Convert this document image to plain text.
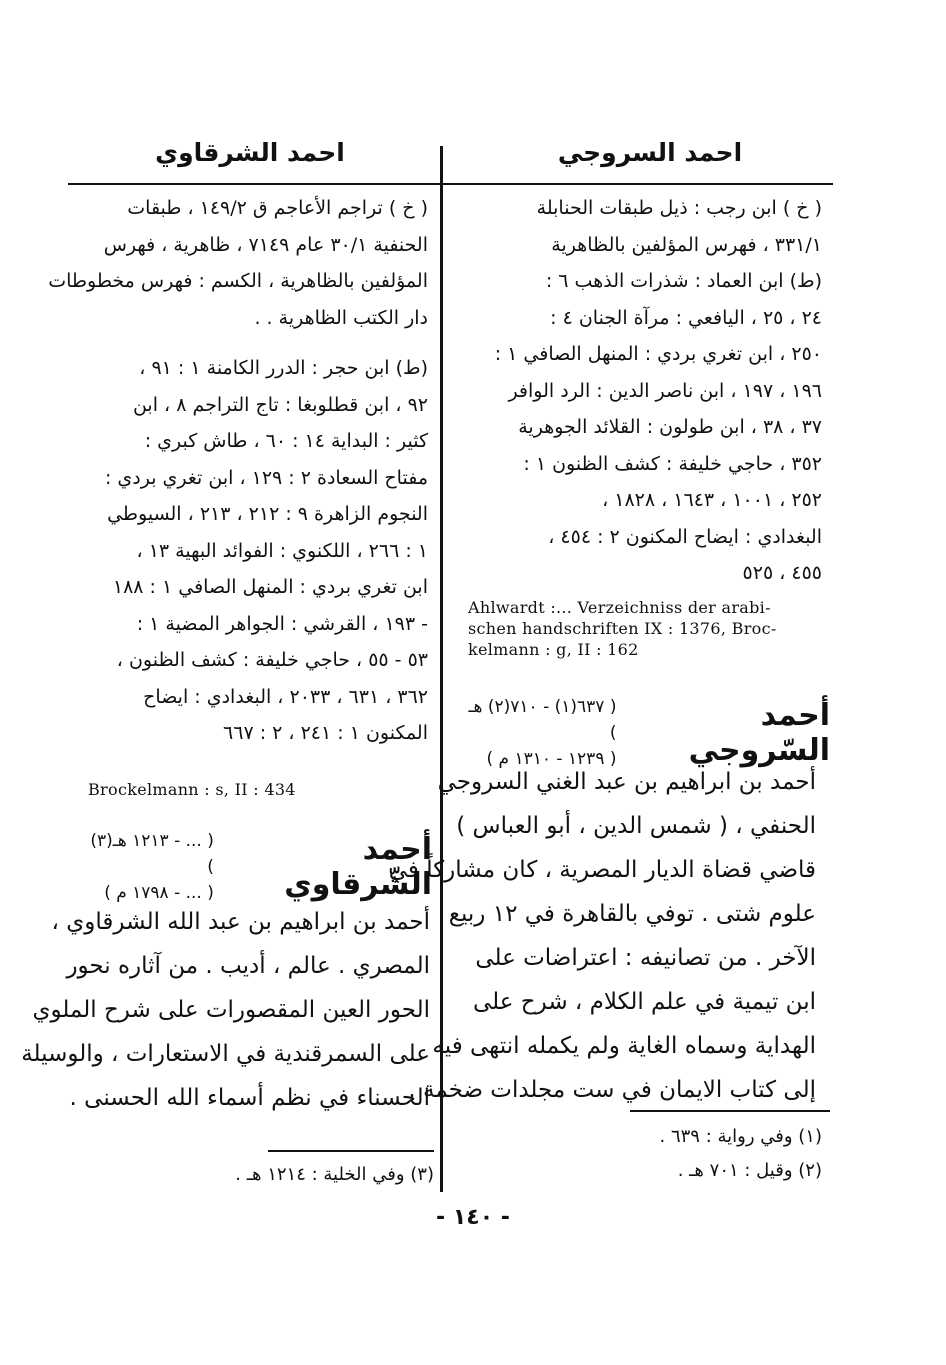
احمد السروجي
( خ ) ابن رجب : ذيل طبقات الحنابلة
٣٣١/١ ، فهرس المؤلفين بالظاهرية
(ط) ابن العماد : شذرات الذهب ٦ :
٢٤ ، ٢٥ ، اليافعي : مرآة الجنان ٤ :
٢٥٠ ، ابن تغري بردي : المنهل الصافي ١ :
١٩٦ ، ١٩٧ ، ابن ناصر الدين : الرد الوافر
٣٧ ، ٣٨ ، ابن طولون : القلائد الجوهرية
٣٥٢ ، حاجي خليفة : كشف الظنون ١ :
٢٥٢ ، ١٠٠١ ، ١٦٤٣ ، ١٨٢٨ ،
البغدادي : ايضاح المكنون ٢ : ٤٥٤ ،
٤٥٥ ، ٥٢٥
Ahlwardt :... Verzeichniss der arabi-
schen handschriften IX : 1376, Broc-
kelmann : g, II : 162
أحمد السّروجي
( ٦٣٧(١) - ٧١٠(٢) هـ )
( ١٢٣٩ - ١٣١٠ م )
أحمد بن ابراهيم بن عبد الغني السروجي
الحنفي ، ( شمس الدين ، أبو العباس )
قاضي قضاة الديار المصرية ، كان مشاركاً في
علوم شتى . توفي بالقاهرة في ١٢ ربيع
الآخر . من تصانيفه : اعتراضات على
ابن تيمية في علم الكلام ، شرح على
الهداية وسماه الغاية ولم يكمله انتهى فيه
إلى كتاب الايمان في ست مجلدات ضخمة .
(١) وفي رواية : ٦٣٩ .
(٢) وقيل : ٧٠١ هـ .
احمد الشرقاوي
( خ ) تراجم الأعاجم ق ١٤٩/٢ ، طبقات
الحنفية ٣٠/١ عام ٧١٤٩ ، ظاهرية ، فهرس
المؤلفين بالظاهرية ، الكسم : فهرس مخطوطات
دار الكتب الظاهرية . .
(ط) ابن حجر : الدرر الكامنة ١ : ٩١ ،
٩٢ ، ابن قطلوبغا : تاج التراجم ٨ ، ابن
كثير : البداية ١٤ : ٦٠ ، طاش كبري :
مفتاح السعادة ٢ : ١٢٩ ، ابن تغري بردي :
النجوم الزاهرة ٩ : ٢١٢ ، ٢١٣ ، السيوطي
١ : ٢٦٦ ، اللكنوي : الفوائد البهية ١٣ ،
ابن تغري بردي : المنهل الصافي ١ : ١٨٨
- ١٩٣ ، القرشي : الجواهر المضية ١ :
٥٣ - ٥٥ ، حاجي خليفة : كشف الظنون ،
٣٦٢ ، ٦٣١ ، ٢٠٣٣ ، البغدادي : ايضاح
المكنون ١ : ٢٤١ ، ٢ : ٦٦٧
Brockelmann : s, II : 434
أحمد الشّرقاوي
( ... - ١٢١٣ هـ(٣) )
( ... - ١٧٩٨ م )
أحمد بن ابراهيم بن عبد الله الشرقاوي ،
المصري . عالم ، أديب . من آثاره نحور
الحور العين المقصورات على شرح الملوي
على السمرقندية في الاستعارات ، والوسيلة
الحسناء في نظم أسماء الله الحسنى .
(٣) وفي الخلية : ١٢١٤ هـ .
- ١٤٠ -
